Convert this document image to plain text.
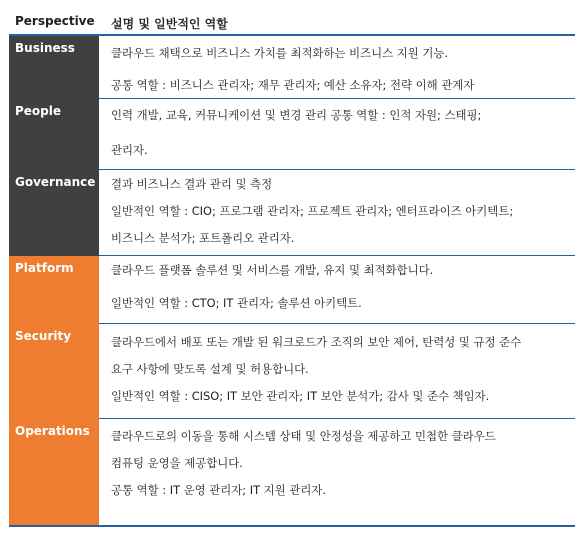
Perspective	설명 및 일반적인 역할
Business	클라우드 채택으로 비즈니스 가치를 최적화하는 비즈니스 지원 기능.
공통 역할 : 비즈니스 관리자; 재무 관리자; 예산 소유자; 전략 이해 관계자
People	인력 개발, 교육, 커뮤니케이션 및 변경 관리 공통 역할 : 인적 자원; 스태핑;
관리자.
Governance	결과 비즈니스 결과 관리 및 측정
일반적인 역할 : CIO; 프로그램 관리자; 프로젝트 관리자; 엔터프라이즈 아키텍트;
비즈니스 분석가; 포트폴리오 관리자.
Platform	클라우드 플랫폼 솔루션 및 서비스를 개발, 유지 및 최적화합니다.
일반적인 역할 : CTO; IT 관리자; 솔루션 아키텍트.
Security	클라우드에서 배포 또는 개발 된 워크로드가 조직의 보안 제어, 탄력성 및 규정 준수
요구 사항에 맞도록 설계 및 허용합니다.
일반적인 역할 : CISO; IT 보안 관리자; IT 보안 분석가; 감사 및 준수 책임자.
Operations	클라우드로의 이동을 통해 시스템 상태 및 안정성을 제공하고 민첩한 클라우드
컴퓨팅 운영을 제공합니다.
공통 역할 : IT 운영 관리자; IT 지원 관리자.
